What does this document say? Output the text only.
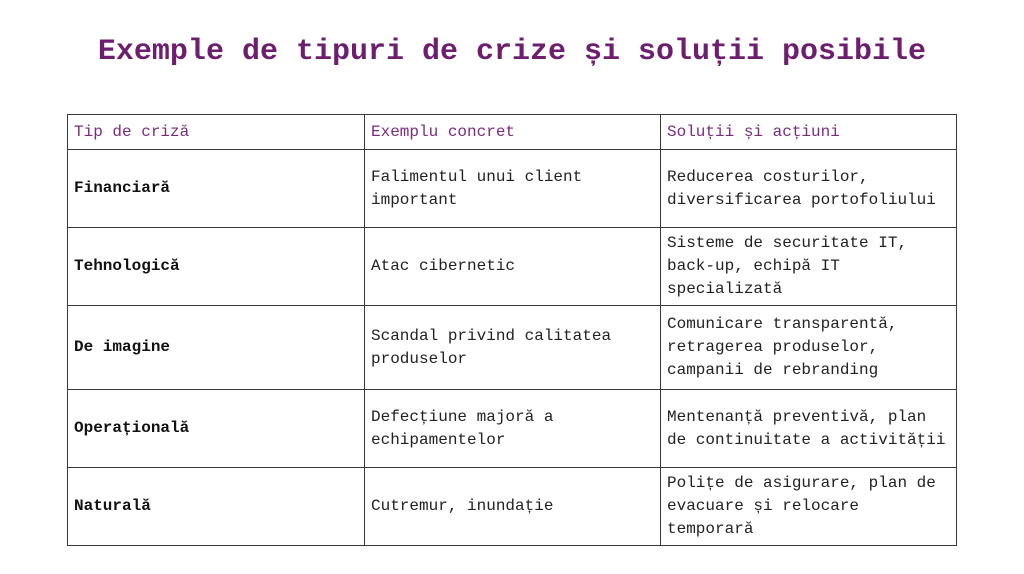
Exemple de tipuri de crize și soluții posibile
Tip de criză	Exemplu concret	Soluții și acțiuni
Financiară	Falimentul unui client important	Reducerea costurilor, diversificarea portofoliului
Tehnologică	Atac cibernetic	Sisteme de securitate IT, back-up, echipă IT specializată
De imagine	Scandal privind calitatea produselor	Comunicare transparentă, retragerea produselor, campanii de rebranding
Operațională	Defecțiune majoră a echipamentelor	Mentenanță preventivă, plan de continuitate a activității
Naturală	Cutremur, inundație	Polițe de asigurare, plan de evacuare și relocare temporară
